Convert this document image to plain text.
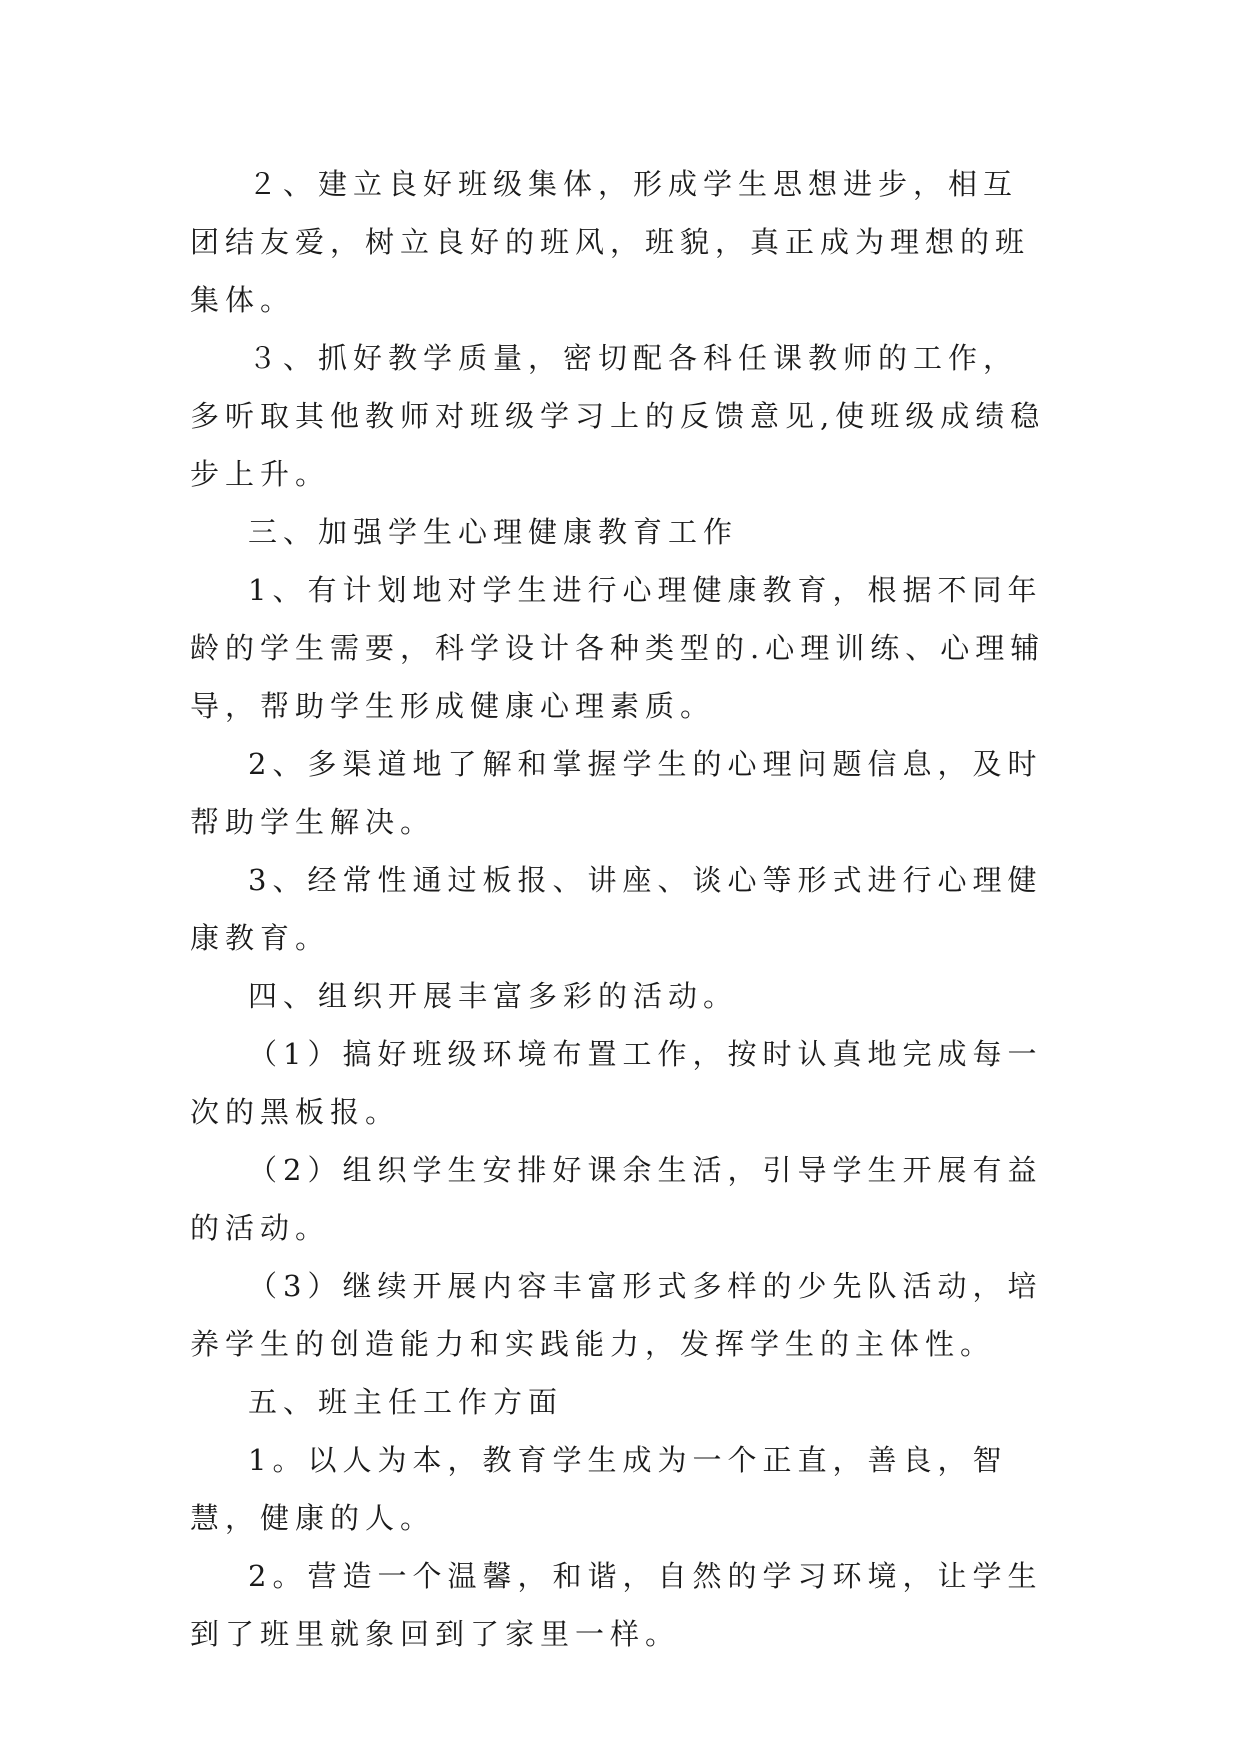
２、建立良好班级集体，形成学生思想进步，相互团结友爱，树立良好的班风，班貌，真正成为理想的班集体。

３、抓好教学质量，密切配各科任课教师的工作，多听取其他教师对班级学习上的反馈意见,使班级成绩稳步上升。

三、加强学生心理健康教育工作

1、有计划地对学生进行心理健康教育，根据不同年龄的学生需要，科学设计各种类型的.心理训练、心理辅导，帮助学生形成健康心理素质。

2、多渠道地了解和掌握学生的心理问题信息，及时帮助学生解决。

3、经常性通过板报、讲座、谈心等形式进行心理健康教育。

四、组织开展丰富多彩的活动。

（1）搞好班级环境布置工作，按时认真地完成每一次的黑板报。

（2）组织学生安排好课余生活，引导学生开展有益的活动。

（3）继续开展内容丰富形式多样的少先队活动，培养学生的创造能力和实践能力，发挥学生的主体性。

五、班主任工作方面

1。以人为本，教育学生成为一个正直，善良，智慧，健康的人。

2。营造一个温馨，和谐，自然的学习环境，让学生到了班里就象回到了家里一样。
